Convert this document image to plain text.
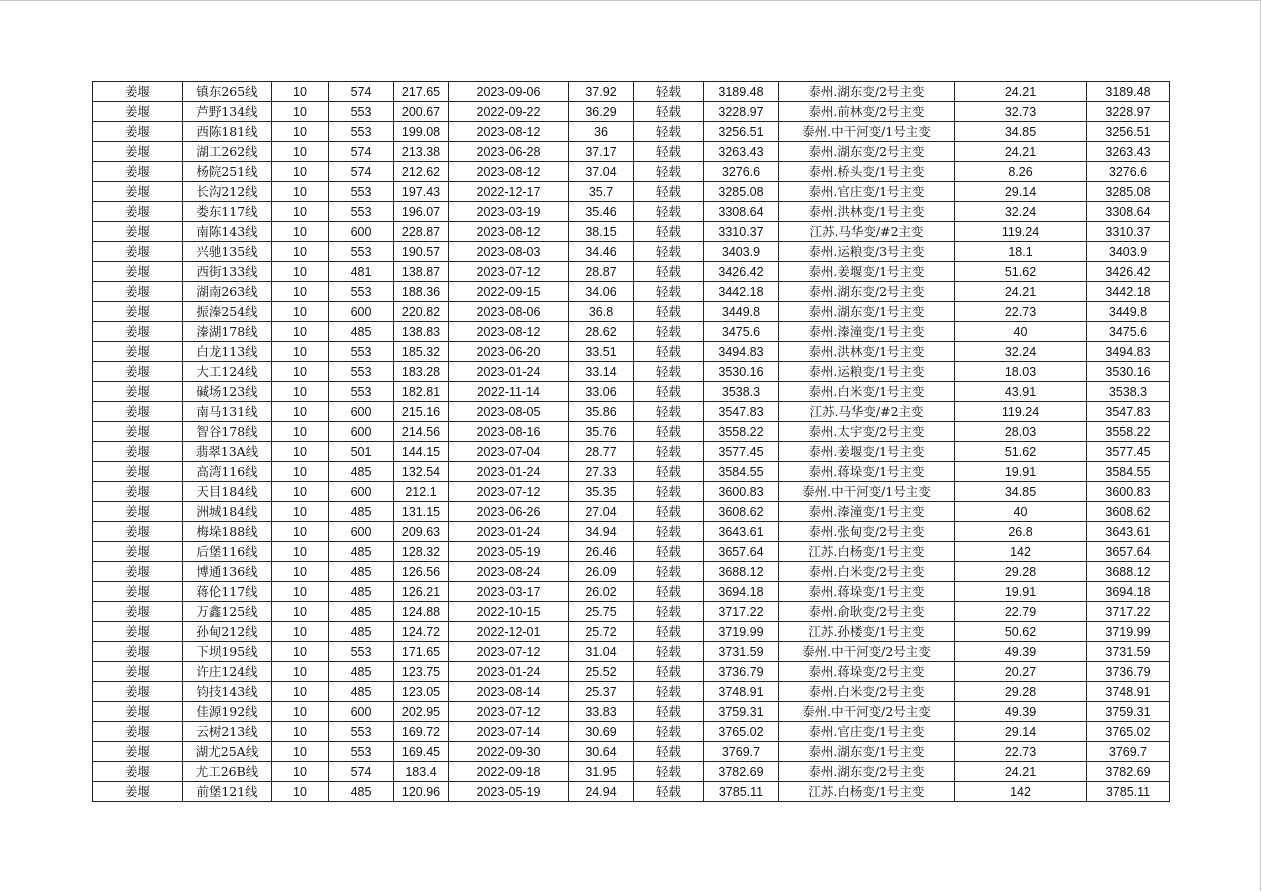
姜堰	镇东265线	10	574	217.65	2023-09-06	37.92	轻载	3189.48	泰州.湖东变/2号主变	24.21	3189.48
姜堰	芦野134线	10	553	200.67	2022-09-22	36.29	轻载	3228.97	泰州.前林变/2号主变	32.73	3228.97
姜堰	西陈181线	10	553	199.08	2023-08-12	36	轻载	3256.51	泰州.中干河变/1号主变	34.85	3256.51
姜堰	湖工262线	10	574	213.38	2023-06-28	37.17	轻载	3263.43	泰州.湖东变/2号主变	24.21	3263.43
姜堰	杨院251线	10	574	212.62	2023-08-12	37.04	轻载	3276.6	泰州.桥头变/1号主变	8.26	3276.6
姜堰	长沟212线	10	553	197.43	2022-12-17	35.7	轻载	3285.08	泰州.官庄变/1号主变	29.14	3285.08
姜堰	娄东117线	10	553	196.07	2023-03-19	35.46	轻载	3308.64	泰州.洪林变/1号主变	32.24	3308.64
姜堰	南陈143线	10	600	228.87	2023-08-12	38.15	轻载	3310.37	江苏.马华变/#2主变	119.24	3310.37
姜堰	兴驰135线	10	553	190.57	2023-08-03	34.46	轻载	3403.9	泰州.运粮变/3号主变	18.1	3403.9
姜堰	西街133线	10	481	138.87	2023-07-12	28.87	轻载	3426.42	泰州.姜堰变/1号主变	51.62	3426.42
姜堰	湖南263线	10	553	188.36	2022-09-15	34.06	轻载	3442.18	泰州.湖东变/2号主变	24.21	3442.18
姜堰	振溱254线	10	600	220.82	2023-08-06	36.8	轻载	3449.8	泰州.湖东变/1号主变	22.73	3449.8
姜堰	溱湖178线	10	485	138.83	2023-08-12	28.62	轻载	3475.6	泰州.溱潼变/1号主变	40	3475.6
姜堰	白龙113线	10	553	185.32	2023-06-20	33.51	轻载	3494.83	泰州.洪林变/1号主变	32.24	3494.83
姜堰	大工124线	10	553	183.28	2023-01-24	33.14	轻载	3530.16	泰州.运粮变/1号主变	18.03	3530.16
姜堰	碱场123线	10	553	182.81	2022-11-14	33.06	轻载	3538.3	泰州.白米变/1号主变	43.91	3538.3
姜堰	南马131线	10	600	215.16	2023-08-05	35.86	轻载	3547.83	江苏.马华变/#2主变	119.24	3547.83
姜堰	智谷178线	10	600	214.56	2023-08-16	35.76	轻载	3558.22	泰州.太宇变/2号主变	28.03	3558.22
姜堰	翡翠13A线	10	501	144.15	2023-07-04	28.77	轻载	3577.45	泰州.姜堰变/1号主变	51.62	3577.45
姜堰	高湾116线	10	485	132.54	2023-01-24	27.33	轻载	3584.55	泰州.蒋垛变/1号主变	19.91	3584.55
姜堰	天目184线	10	600	212.1	2023-07-12	35.35	轻载	3600.83	泰州.中干河变/1号主变	34.85	3600.83
姜堰	洲城184线	10	485	131.15	2023-06-26	27.04	轻载	3608.62	泰州.溱潼变/1号主变	40	3608.62
姜堰	梅垛188线	10	600	209.63	2023-01-24	34.94	轻载	3643.61	泰州.张甸变/2号主变	26.8	3643.61
姜堰	后堡116线	10	485	128.32	2023-05-19	26.46	轻载	3657.64	江苏.白杨变/1号主变	142	3657.64
姜堰	博通136线	10	485	126.56	2023-08-24	26.09	轻载	3688.12	泰州.白米变/2号主变	29.28	3688.12
姜堰	蒋伦117线	10	485	126.21	2023-03-17	26.02	轻载	3694.18	泰州.蒋垛变/1号主变	19.91	3694.18
姜堰	万鑫125线	10	485	124.88	2022-10-15	25.75	轻载	3717.22	泰州.俞耿变/2号主变	22.79	3717.22
姜堰	孙甸212线	10	485	124.72	2022-12-01	25.72	轻载	3719.99	江苏.孙楼变/1号主变	50.62	3719.99
姜堰	下坝195线	10	553	171.65	2023-07-12	31.04	轻载	3731.59	泰州.中干河变/2号主变	49.39	3731.59
姜堰	许庄124线	10	485	123.75	2023-01-24	25.52	轻载	3736.79	泰州.蒋垛变/2号主变	20.27	3736.79
姜堰	钧技143线	10	485	123.05	2023-08-14	25.37	轻载	3748.91	泰州.白米变/2号主变	29.28	3748.91
姜堰	佳源192线	10	600	202.95	2023-07-12	33.83	轻载	3759.31	泰州.中干河变/2号主变	49.39	3759.31
姜堰	云树213线	10	553	169.72	2023-07-14	30.69	轻载	3765.02	泰州.官庄变/1号主变	29.14	3765.02
姜堰	湖尤25A线	10	553	169.45	2022-09-30	30.64	轻载	3769.7	泰州.湖东变/1号主变	22.73	3769.7
姜堰	尤工26B线	10	574	183.4	2022-09-18	31.95	轻载	3782.69	泰州.湖东变/2号主变	24.21	3782.69
姜堰	前堡121线	10	485	120.96	2023-05-19	24.94	轻载	3785.11	江苏.白杨变/1号主变	142	3785.11
